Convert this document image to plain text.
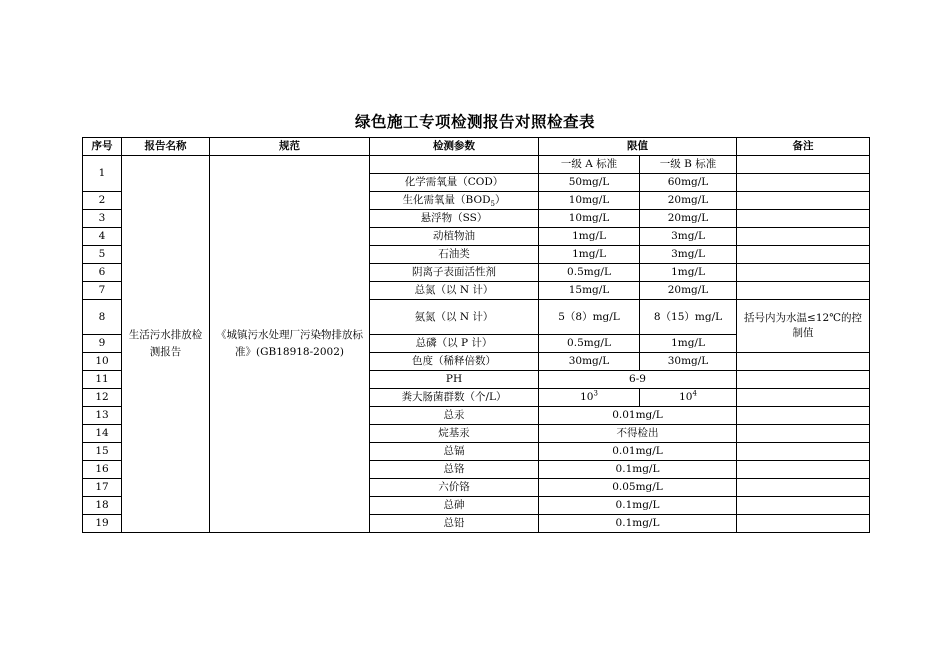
绿色施工专项检测报告对照检查表
序号	报告名称	规范	检测参数	限值		备注
1	生活污水排放检测报告	《城镇污水处理厂污染物排放标准》(GB18918-2002)		一级 A 标准	一级 B 标准	
			化学需氧量（COD）	50mg/L	60mg/L	
2			生化需氧量$(BOD_5)$	10mg/L	20mg/L	
3			悬浮物（SS）	10mg/L	20mg/L	
4			动植物油	1mg/L	3mg/L	
5			石油类	1mg/L	3mg/L	
6			阴离子表面活性剂	0.5mg/L	1mg/L	
7			总氮（以 N 计）	15mg/L	20mg/L	
8			氨氮（以 N 计）	5（8）mg/L	8（15）mg/L	括号内为水温≤12℃的控制值
9			总磷（以 P 计）	0.5mg/L	1mg/L	
10			色度（稀释倍数）	30mg/L	30mg/L	
11			PH	6-9		
12			粪大肠菌群数（个/L）	$10^3$	$10^4$	
13			总汞	0.01mg/L		
14			烷基汞	不得检出		
15			总镉	0.01mg/L		
16			总铬	0.1mg/L		
17			六价铬	0.05mg/L		
18			总砷	0.1mg/L		
19			总铅	0.1mg/L		
